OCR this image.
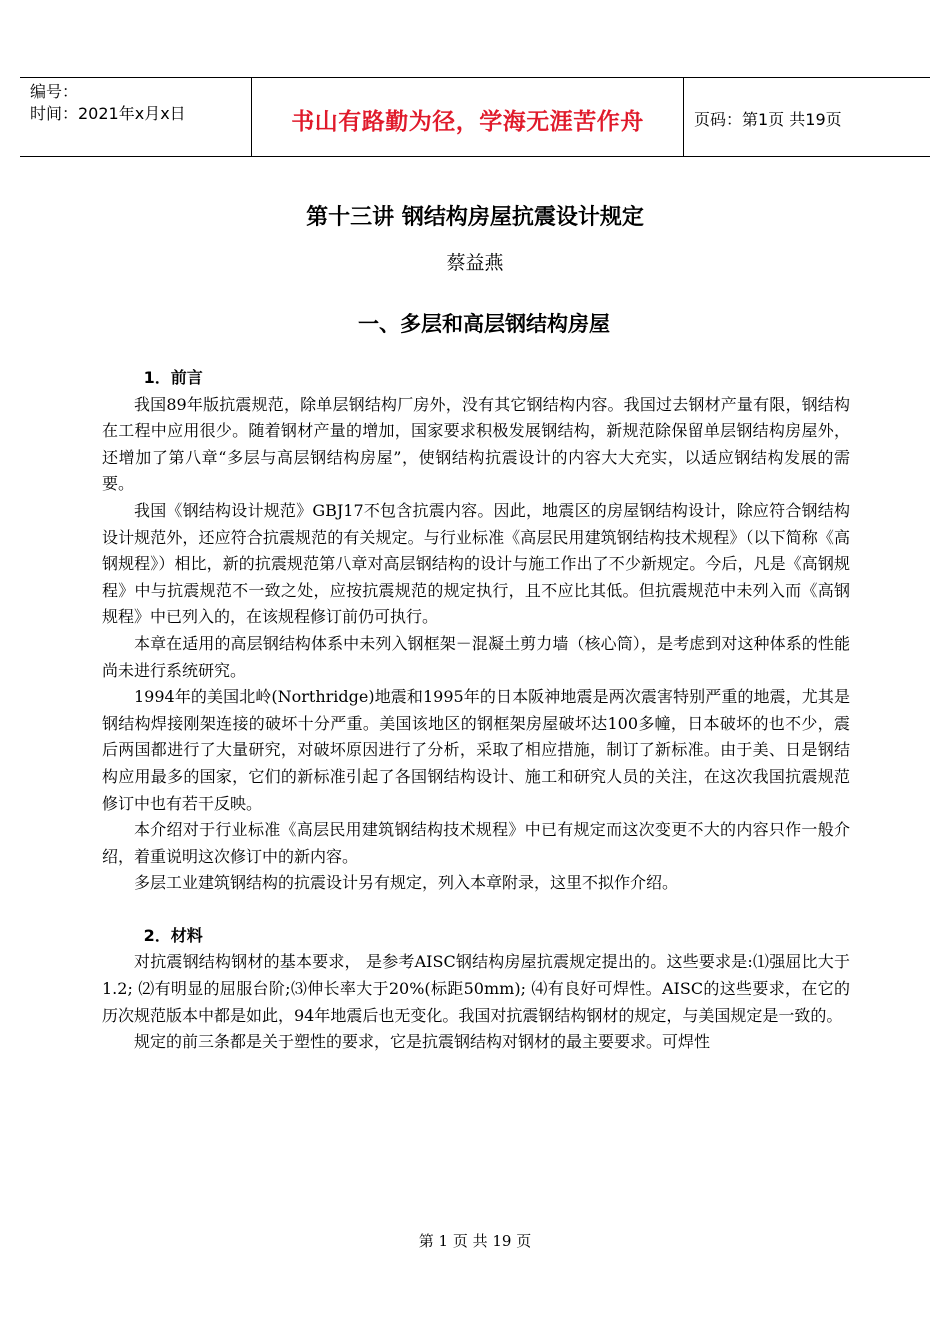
编号：
时间：2021年x月x日	书山有路勤为径，学海无涯苦作舟	页码：第1页 共19页
第十三讲 钢结构房屋抗震设计规定
蔡益燕
一、多层和高层钢结构房屋
1．前言

我国89年版抗震规范，除单层钢结构厂房外，没有其它钢结构内容。我国过去钢材产量有限，钢结构在工程中应用很少。随着钢材产量的增加，国家要求积极发展钢结构，新规范除保留单层钢结构房屋外，还增加了第八章“多层与高层钢结构房屋”，使钢结构抗震设计的内容大大充实，以适应钢结构发展的需要。

我国《钢结构设计规范》GBJ17不包含抗震内容。因此，地震区的房屋钢结构设计，除应符合钢结构设计规范外，还应符合抗震规范的有关规定。与行业标准《高层民用建筑钢结构技术规程》（以下简称《高钢规程》）相比，新的抗震规范第八章对高层钢结构的设计与施工作出了不少新规定。今后，凡是《高钢规程》中与抗震规范不一致之处，应按抗震规范的规定执行，且不应比其低。但抗震规范中未列入而《高钢规程》中已列入的，在该规程修订前仍可执行。

本章在适用的高层钢结构体系中未列入钢框架－混凝土剪力墙（核心筒），是考虑到对这种体系的性能尚未进行系统研究。

1994年的美国北岭(Northridge)地震和1995年的日本阪神地震是两次震害特别严重的地震，尤其是钢结构焊接刚架连接的破坏十分严重。美国该地区的钢框架房屋破坏达100多幢，日本破坏的也不少，震后两国都进行了大量研究，对破坏原因进行了分析，采取了相应措施，制订了新标准。由于美、日是钢结构应用最多的国家，它们的新标准引起了各国钢结构设计、施工和研究人员的关注，在这次我国抗震规范修订中也有若干反映。

本介绍对于行业标准《高层民用建筑钢结构技术规程》中已有规定而这次变更不大的内容只作一般介绍，着重说明这次修订中的新内容。

多层工业建筑钢结构的抗震设计另有规定，列入本章附录，这里不拟作介绍。

2．材料

对抗震钢结构钢材的基本要求， 是参考AISC钢结构房屋抗震规定提出的。这些要求是:⑴强屈比大于1.2; ⑵有明显的屈服台阶;⑶伸长率大于20%(标距50mm); ⑷有良好可焊性。AISC的这些要求，在它的历次规范版本中都是如此，94年地震后也无变化。我国对抗震钢结构钢材的规定，与美国规定是一致的。

规定的前三条都是关于塑性的要求，它是抗震钢结构对钢材的最主要要求。可焊性

第 1 页 共 19 页
